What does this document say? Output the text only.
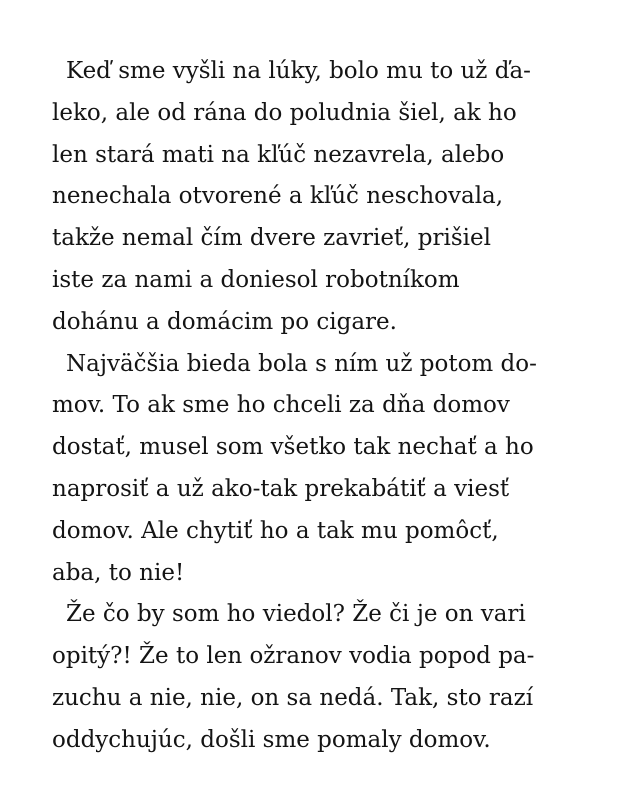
Keď sme vyšli na lúky, bolo mu to už ďa-
leko, ale od rána do poludnia šiel, ak ho
len stará mati na kľúč nezavrela, alebo
nenechala otvorené a kľúč neschovala,
takže nemal čím dvere zavrieť, prišiel
iste za nami a doniesol robotníkom
dohánu a domácim po cigare.
Najväčšia bieda bola s ním už potom do-
mov. To ak sme ho chceli za dňa domov
dostať, musel som všetko tak nechať a ho
naprosiť a už ako-tak prekabátiť a viesť
domov. Ale chytiť ho a tak mu pomôcť,
aba, to nie!
Že čo by som ho viedol? Že či je on vari
opitý?! Že to len ožranov vodia popod pa-
zuchu a nie, nie, on sa nedá. Tak, sto razí
oddychujúc, došli sme pomaly domov.
